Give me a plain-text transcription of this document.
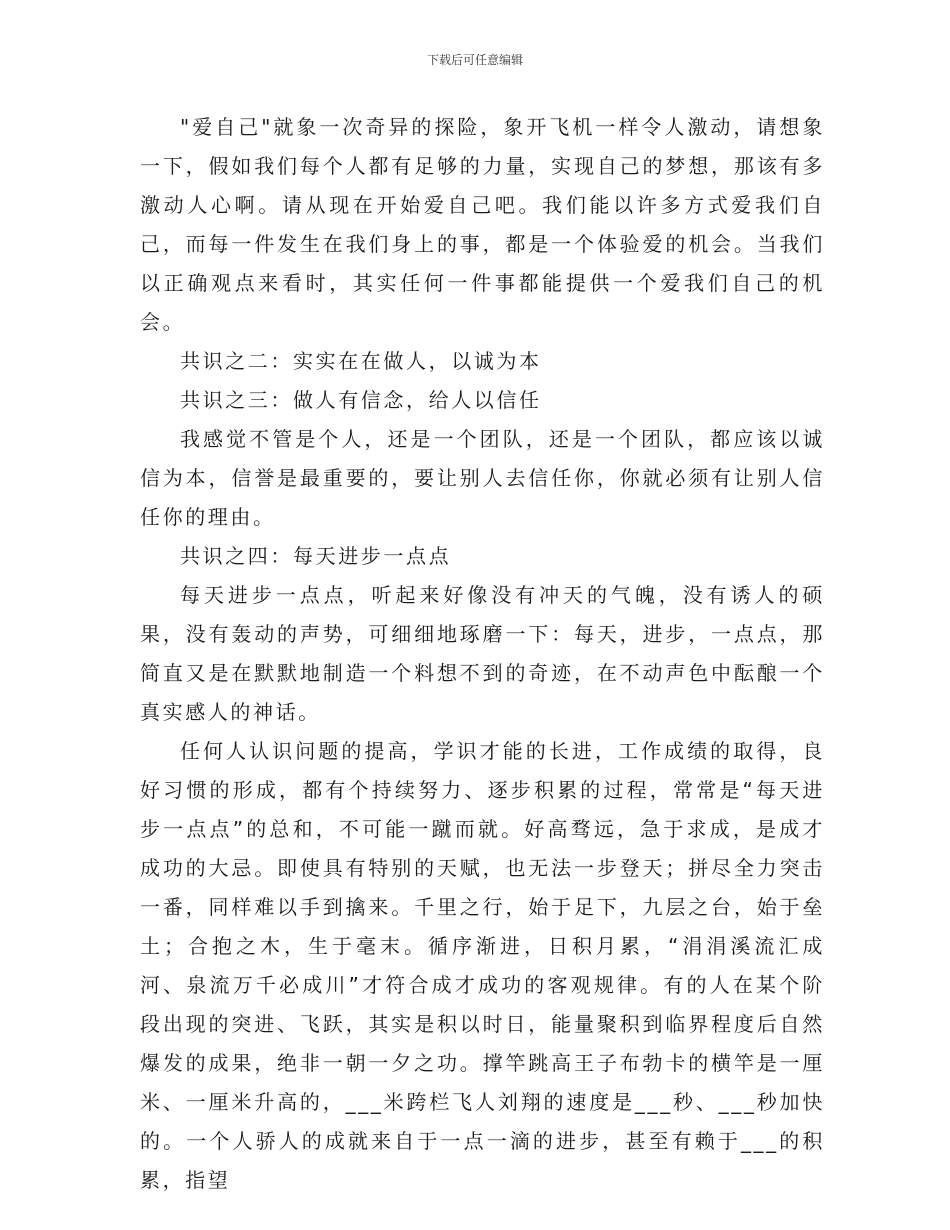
下载后可任意编辑

"爱自己"就象一次奇异的探险，象开飞机一样令人激动，请想象一下，假如我们每个人都有足够的力量，实现自己的梦想，那该有多激动人心啊。请从现在开始爱自己吧。我们能以许多方式爱我们自己，而每一件发生在我们身上的事，都是一个体验爱的机会。当我们以正确观点来看时，其实任何一件事都能提供一个爱我们自己的机会。

共识之二：实实在在做人，以诚为本

共识之三：做人有信念，给人以信任

我感觉不管是个人，还是一个团队，还是一个团队，都应该以诚信为本，信誉是最重要的，要让别人去信任你，你就必须有让别人信任你的理由。

共识之四：每天进步一点点

每天进步一点点，听起来好像没有冲天的气魄，没有诱人的硕果，没有轰动的声势，可细细地琢磨一下：每天，进步，一点点，那简直又是在默默地制造一个料想不到的奇迹，在不动声色中酝酿一个真实感人的神话。

任何人认识问题的提高，学识才能的长进，工作成绩的取得，良好习惯的形成，都有个持续努力、逐步积累的过程，常常是“每天进步一点点”的总和，不可能一蹴而就。好高骛远，急于求成，是成才成功的大忌。即使具有特别的天赋，也无法一步登天；拼尽全力突击一番，同样难以手到擒来。千里之行，始于足下，九层之台，始于垒土；合抱之木，生于毫末。循序渐进，日积月累，“涓涓溪流汇成河、泉流万千必成川”才符合成才成功的客观规律。有的人在某个阶段出现的突进、飞跃，其实是积以时日，能量聚积到临界程度后自然爆发的成果，绝非一朝一夕之功。撑竿跳高王子布勃卡的横竿是一厘米、一厘米升高的，___米跨栏飞人刘翔的速度是___秒、___秒加快的。一个人骄人的成就来自于一点一滴的进步，甚至有赖于___的积累，指望
